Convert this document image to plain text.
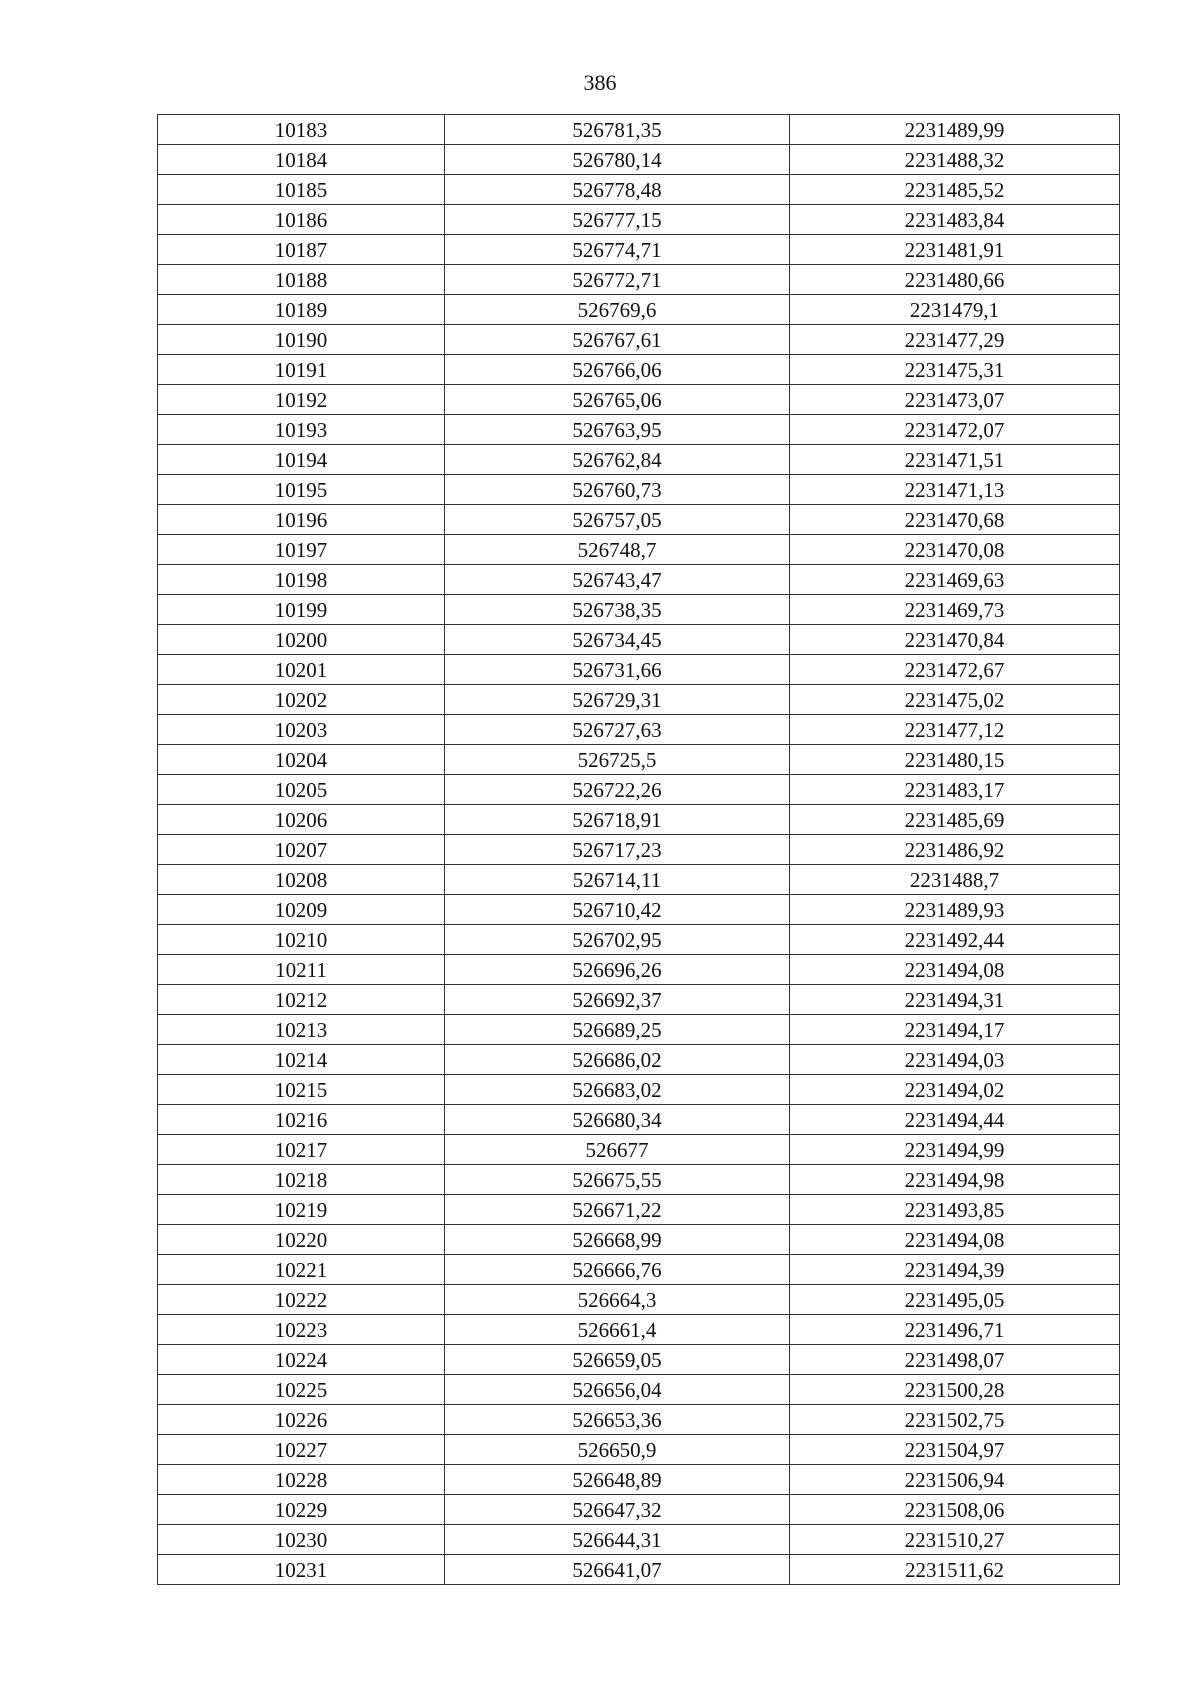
386
10183	526781,35	2231489,99
10184	526780,14	2231488,32
10185	526778,48	2231485,52
10186	526777,15	2231483,84
10187	526774,71	2231481,91
10188	526772,71	2231480,66
10189	526769,6	2231479,1
10190	526767,61	2231477,29
10191	526766,06	2231475,31
10192	526765,06	2231473,07
10193	526763,95	2231472,07
10194	526762,84	2231471,51
10195	526760,73	2231471,13
10196	526757,05	2231470,68
10197	526748,7	2231470,08
10198	526743,47	2231469,63
10199	526738,35	2231469,73
10200	526734,45	2231470,84
10201	526731,66	2231472,67
10202	526729,31	2231475,02
10203	526727,63	2231477,12
10204	526725,5	2231480,15
10205	526722,26	2231483,17
10206	526718,91	2231485,69
10207	526717,23	2231486,92
10208	526714,11	2231488,7
10209	526710,42	2231489,93
10210	526702,95	2231492,44
10211	526696,26	2231494,08
10212	526692,37	2231494,31
10213	526689,25	2231494,17
10214	526686,02	2231494,03
10215	526683,02	2231494,02
10216	526680,34	2231494,44
10217	526677	2231494,99
10218	526675,55	2231494,98
10219	526671,22	2231493,85
10220	526668,99	2231494,08
10221	526666,76	2231494,39
10222	526664,3	2231495,05
10223	526661,4	2231496,71
10224	526659,05	2231498,07
10225	526656,04	2231500,28
10226	526653,36	2231502,75
10227	526650,9	2231504,97
10228	526648,89	2231506,94
10229	526647,32	2231508,06
10230	526644,31	2231510,27
10231	526641,07	2231511,62
